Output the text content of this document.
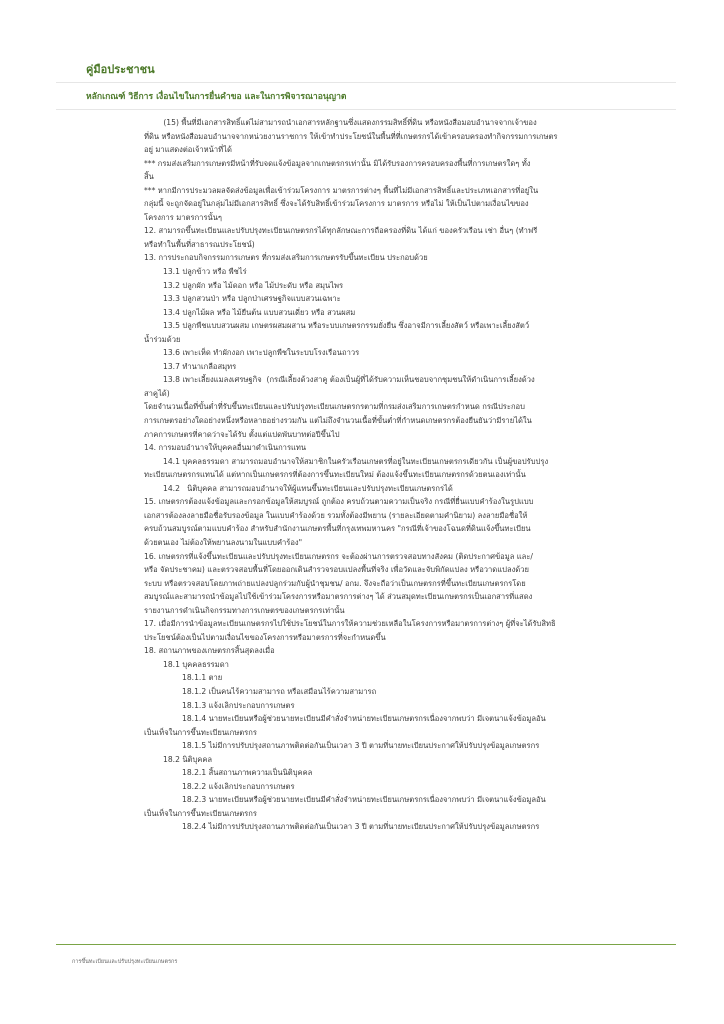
คู่มือประชาชน
หลักเกณฑ์ วิธีการ เงื่อนไขในการยื่นคำขอ และในการพิจารณาอนุญาต

(15) พื้นที่มีเอกสารสิทธิ์แต่ไม่สามารถนำเอกสารหลักฐานซึ่งแสดงกรรมสิทธิ์ที่ดิน หรือหนังสือมอบอำนาจจากเจ้าของ

ที่ดิน หรือหนังสือมอบอำนาจจากหน่วยงานราชการ ให้เข้าทำประโยชน์ในพื้นที่ที่เกษตรกรได้เข้าครอบครองทำกิจกรรมการเกษตร

อยู่ มาแสดงต่อเจ้าหน้าที่ได้

*** กรมส่งเสริมการเกษตรมีหน้าที่รับจดแจ้งข้อมูลจากเกษตรกรเท่านั้น มิได้รับรองการครอบครองพื้นที่การเกษตรใดๆ ทั้ง

สิ้น

*** หากมีการประมวลผลจัดส่งข้อมูลเพื่อเข้าร่วมโครงการ มาตรการต่างๆ พื้นที่ไม่มีเอกสารสิทธิ์และประเภทเอกสารที่อยู่ใน

กลุ่มนี้ จะถูกจัดอยู่ในกลุ่มไม่มีเอกสารสิทธิ์ ซึ่งจะได้รับสิทธิ์เข้าร่วมโครงการ มาตรการ หรือไม่ ให้เป็นไปตามเงื่อนไขของ

โครงการ มาตรการนั้นๆ

12. สามารถขึ้นทะเบียนและปรับปรุงทะเบียนเกษตรกรได้ทุกลักษณะการถือครองที่ดิน ได้แก่ ของครัวเรือน เช่า อื่นๆ (ทำฟรี

หรือทำในพื้นที่สาธารณประโยชน์)

13. การประกอบกิจกรรมการเกษตร ที่กรมส่งเสริมการเกษตรรับขึ้นทะเบียน ประกอบด้วย

13.1 ปลูกข้าว หรือ พืชไร่

13.2 ปลูกผัก หรือ ไม้ดอก หรือ ไม้ประดับ หรือ สมุนไพร

13.3 ปลูกสวนป่า หรือ ปลูกป่าเศรษฐกิจแบบสวนเฉพาะ

13.4 ปลูกไม้ผล หรือ ไม้ยืนต้น แบบสวนเดี่ยว หรือ สวนผสม

13.5 ปลูกพืชแบบสวนผสม เกษตรผสมผสาน หรือระบบเกษตรกรรมยั่งยืน ซึ่งอาจมีการเลี้ยงสัตว์ หรือเพาะเลี้ยงสัตว์

น้ำร่วมด้วย

13.6 เพาะเห็ด ทำผักงอก เพาะปลูกพืชในระบบโรงเรือนถาวร

13.7 ทำนาเกลือสมุทร

13.8 เพาะเลี้ยงแมลงเศรษฐกิจ  (กรณีเลี้ยงด้วงสาคู ต้องเป็นผู้ที่ได้รับความเห็นชอบจากชุมชนให้ดำเนินการเลี้ยงด้วง

สาคูได้)

โดยจำนวนเนื้อที่ขั้นต่ำที่รับขึ้นทะเบียนและปรับปรุงทะเบียนเกษตรกรตามที่กรมส่งเสริมการเกษตรกำหนด กรณีประกอบ

การเกษตรอย่างใดอย่างหนึ่งหรือหลายอย่างรวมกัน แต่ไม่ถึงจำนวนเนื้อที่ขั้นต่ำที่กำหนดเกษตรกรต้องยืนยันว่ามีรายได้ใน

ภาคการเกษตรที่คาดว่าจะได้รับ ตั้งแต่แปดพันบาทต่อปีขึ้นไป

14. การมอบอำนาจให้บุคคลอื่นมาดำเนินการแทน

14.1 บุคคลธรรมดา สามารถมอบอำนาจให้สมาชิกในครัวเรือนเกษตรที่อยู่ในทะเบียนเกษตรกรเดียวกัน เป็นผู้ขอปรับปรุง

ทะเบียนเกษตรกรแทนได้ แต่หากเป็นเกษตรกรที่ต้องการขึ้นทะเบียนใหม่ ต้องแจ้งขึ้นทะเบียนเกษตรกรด้วยตนเองเท่านั้น

14.2   นิติบุคคล สามารถมอบอำนาจให้ผู้แทนขึ้นทะเบียนและปรับปรุงทะเบียนเกษตรกรได้

15. เกษตรกรต้องแจ้งข้อมูลและกรอกข้อมูลให้สมบูรณ์ ถูกต้อง ครบถ้วนตามความเป็นจริง กรณีที่ยื่นแบบคำร้องในรูปแบบ

เอกสารต้องลงลายมือชื่อรับรองข้อมูล ในแบบคำร้องด้วย รวมทั้งต้องมีพยาน (รายละเอียดตามคำนิยาม) ลงลายมือชื่อให้

ครบถ้วนสมบูรณ์ตามแบบคำร้อง สำหรับสำนักงานเกษตรพื้นที่กรุงเทพมหานคร "กรณีที่เจ้าของโฉนดที่ดินแจ้งขึ้นทะเบียน

ด้วยตนเอง ไม่ต้องให้พยานลงนามในแบบคำร้อง"

16. เกษตรกรที่แจ้งขึ้นทะเบียนและปรับปรุงทะเบียนเกษตรกร จะต้องผ่านการตรวจสอบทางสังคม (ติดประกาศข้อมูล และ/

หรือ จัดประชาคม) และตรวจสอบพื้นที่โดยออกเดินสำรวจรอบแปลงพื้นที่จริง เพื่อวัดและจับพิกัดแปลง หรือวาดแปลงด้วย

ระบบ หรือตรวจสอบโดยภาพถ่ายแปลงปลูกร่วมกับผู้นำชุมชน/ อกม. จึงจะถือว่าเป็นเกษตรกรที่ขึ้นทะเบียนเกษตรกรโดย

สมบูรณ์และสามารถนำข้อมูลไปใช้เข้าร่วมโครงการหรือมาตรการต่างๆ ได้ ส่วนสมุดทะเบียนเกษตรกรเป็นเอกสารที่แสดง

รายงานการดำเนินกิจกรรมทางการเกษตรของเกษตรกรเท่านั้น

17. เมื่อมีการนำข้อมูลทะเบียนเกษตรกรไปใช้ประโยชน์ในการให้ความช่วยเหลือในโครงการหรือมาตรการต่างๆ ผู้ที่จะได้รับสิทธิ

ประโยชน์ต้องเป็นไปตามเงื่อนไขของโครงการหรือมาตรการที่จะกำหนดขึ้น

18. สถานภาพของเกษตรกรสิ้นสุดลงเมื่อ

18.1 บุคคลธรรมดา

18.1.1 ตาย

18.1.2 เป็นคนไร้ความสามารถ หรือเสมือนไร้ความสามารถ

18.1.3 แจ้งเลิกประกอบการเกษตร

18.1.4 นายทะเบียนหรือผู้ช่วยนายทะเบียนมีคำสั่งจำหน่ายทะเบียนเกษตรกรเนื่องจากพบว่า มีเจตนาแจ้งข้อมูลอัน

เป็นเท็จในการขึ้นทะเบียนเกษตรกร

18.1.5 ไม่มีการปรับปรุงสถานภาพติดต่อกันเป็นเวลา 3 ปี ตามที่นายทะเบียนประกาศให้ปรับปรุงข้อมูลเกษตรกร

18.2 นิติบุคคล

18.2.1 สิ้นสถานภาพความเป็นนิติบุคคล

18.2.2 แจ้งเลิกประกอบการเกษตร

18.2.3 นายทะเบียนหรือผู้ช่วยนายทะเบียนมีคำสั่งจำหน่ายทะเบียนเกษตรกรเนื่องจากพบว่า มีเจตนาแจ้งข้อมูลอัน

เป็นเท็จในการขึ้นทะเบียนเกษตรกร

18.2.4 ไม่มีการปรับปรุงสถานภาพติดต่อกันเป็นเวลา 3 ปี ตามที่นายทะเบียนประกาศให้ปรับปรุงข้อมูลเกษตรกร

การขึ้นทะเบียนและปรับปรุงทะเบียนเกษตรกร
